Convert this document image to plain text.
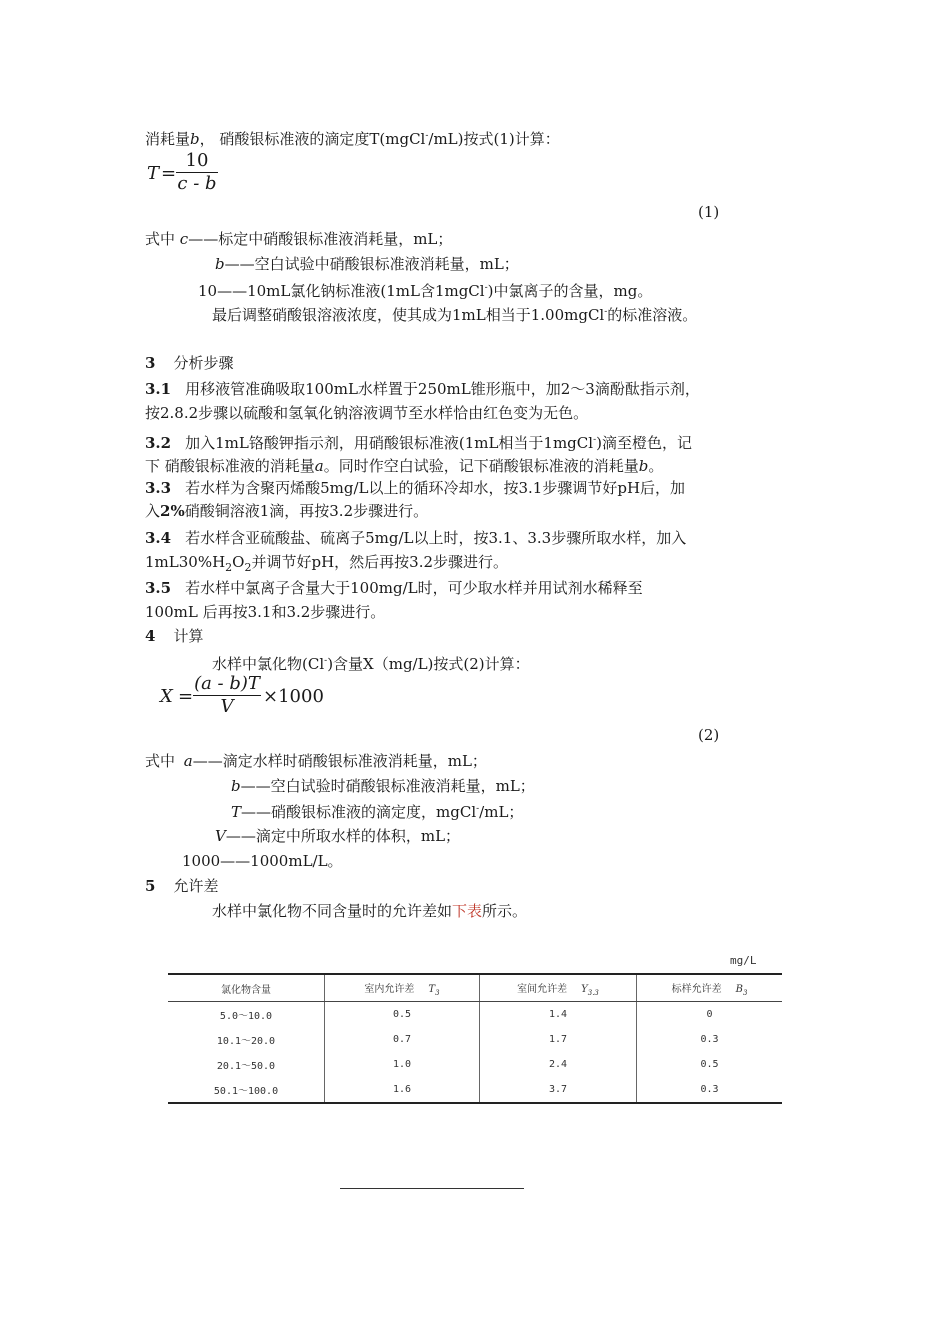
消耗量b， 硝酸银标准液的滴定度T(mgCl-/mL)按式(1)计算：
T =
10
c - b
(1)
式中 c——标定中硝酸银标准液消耗量，mL；
b——空白试验中硝酸银标准液消耗量，mL；
10——10mL氯化钠标准液(1mL含1mgCl-)中氯离子的含量，mg。
最后调整硝酸银溶液浓度，使其成为1mL相当于1.00mgCl-的标准溶液。
3 分析步骤
3.1 用移液管准确吸取100mL水样置于250mL锥形瓶中，加2～3滴酚酞指示剂，
按2.8.2步骤以硫酸和氢氧化钠溶液调节至水样恰由红色变为无色。
3.2 加入1mL铬酸钾指示剂，用硝酸银标准液(1mL相当于1mgCl-)滴至橙色，记
下 硝酸银标准液的消耗量a。同时作空白试验，记下硝酸银标准液的消耗量b。
3.3 若水样为含聚丙烯酸5mg/L以上的循环冷却水，按3.1步骤调节好pH后，加
入2%硝酸铜溶液1滴，再按3.2步骤进行。
3.4 若水样含亚硫酸盐、硫离子5mg/L以上时，按3.1、3.3步骤所取水样，加入
$1mL30\%H_2O_2$并调节好pH，然后再按3.2步骤进行。
3.5 若水样中氯离子含量大于100mg/L时，可少取水样并用试剂水稀释至
100mL 后再按3.1和3.2步骤进行。
4 计算
水样中氯化物(Cl-)含量X（mg/L)按式(2)计算：
X =
(a - b)T
V	×1000
(2)
式中 a——滴定水样时硝酸银标准液消耗量，mL；
b——空白试验时硝酸银标准液消耗量，mL；
T——硝酸银标准液的滴定度，mgCl-/mL；
V——滴定中所取水样的体积，mL；
1000——1000mL/L。
5 允许差
水样中氯化物不同含量时的允许差如下表所示。
mg/L
氯化物含量	室内允许差 $T_3$	室间允许差 $Y_{3.3}$	标样允许差 $B_3$
5.0～10.0	0.5	1.4	0
10.1～20.0	0.7	1.7	0.3
20.1～50.0	1.0	2.4	0.5
50.1～100.0	1.6	3.7	0.3
